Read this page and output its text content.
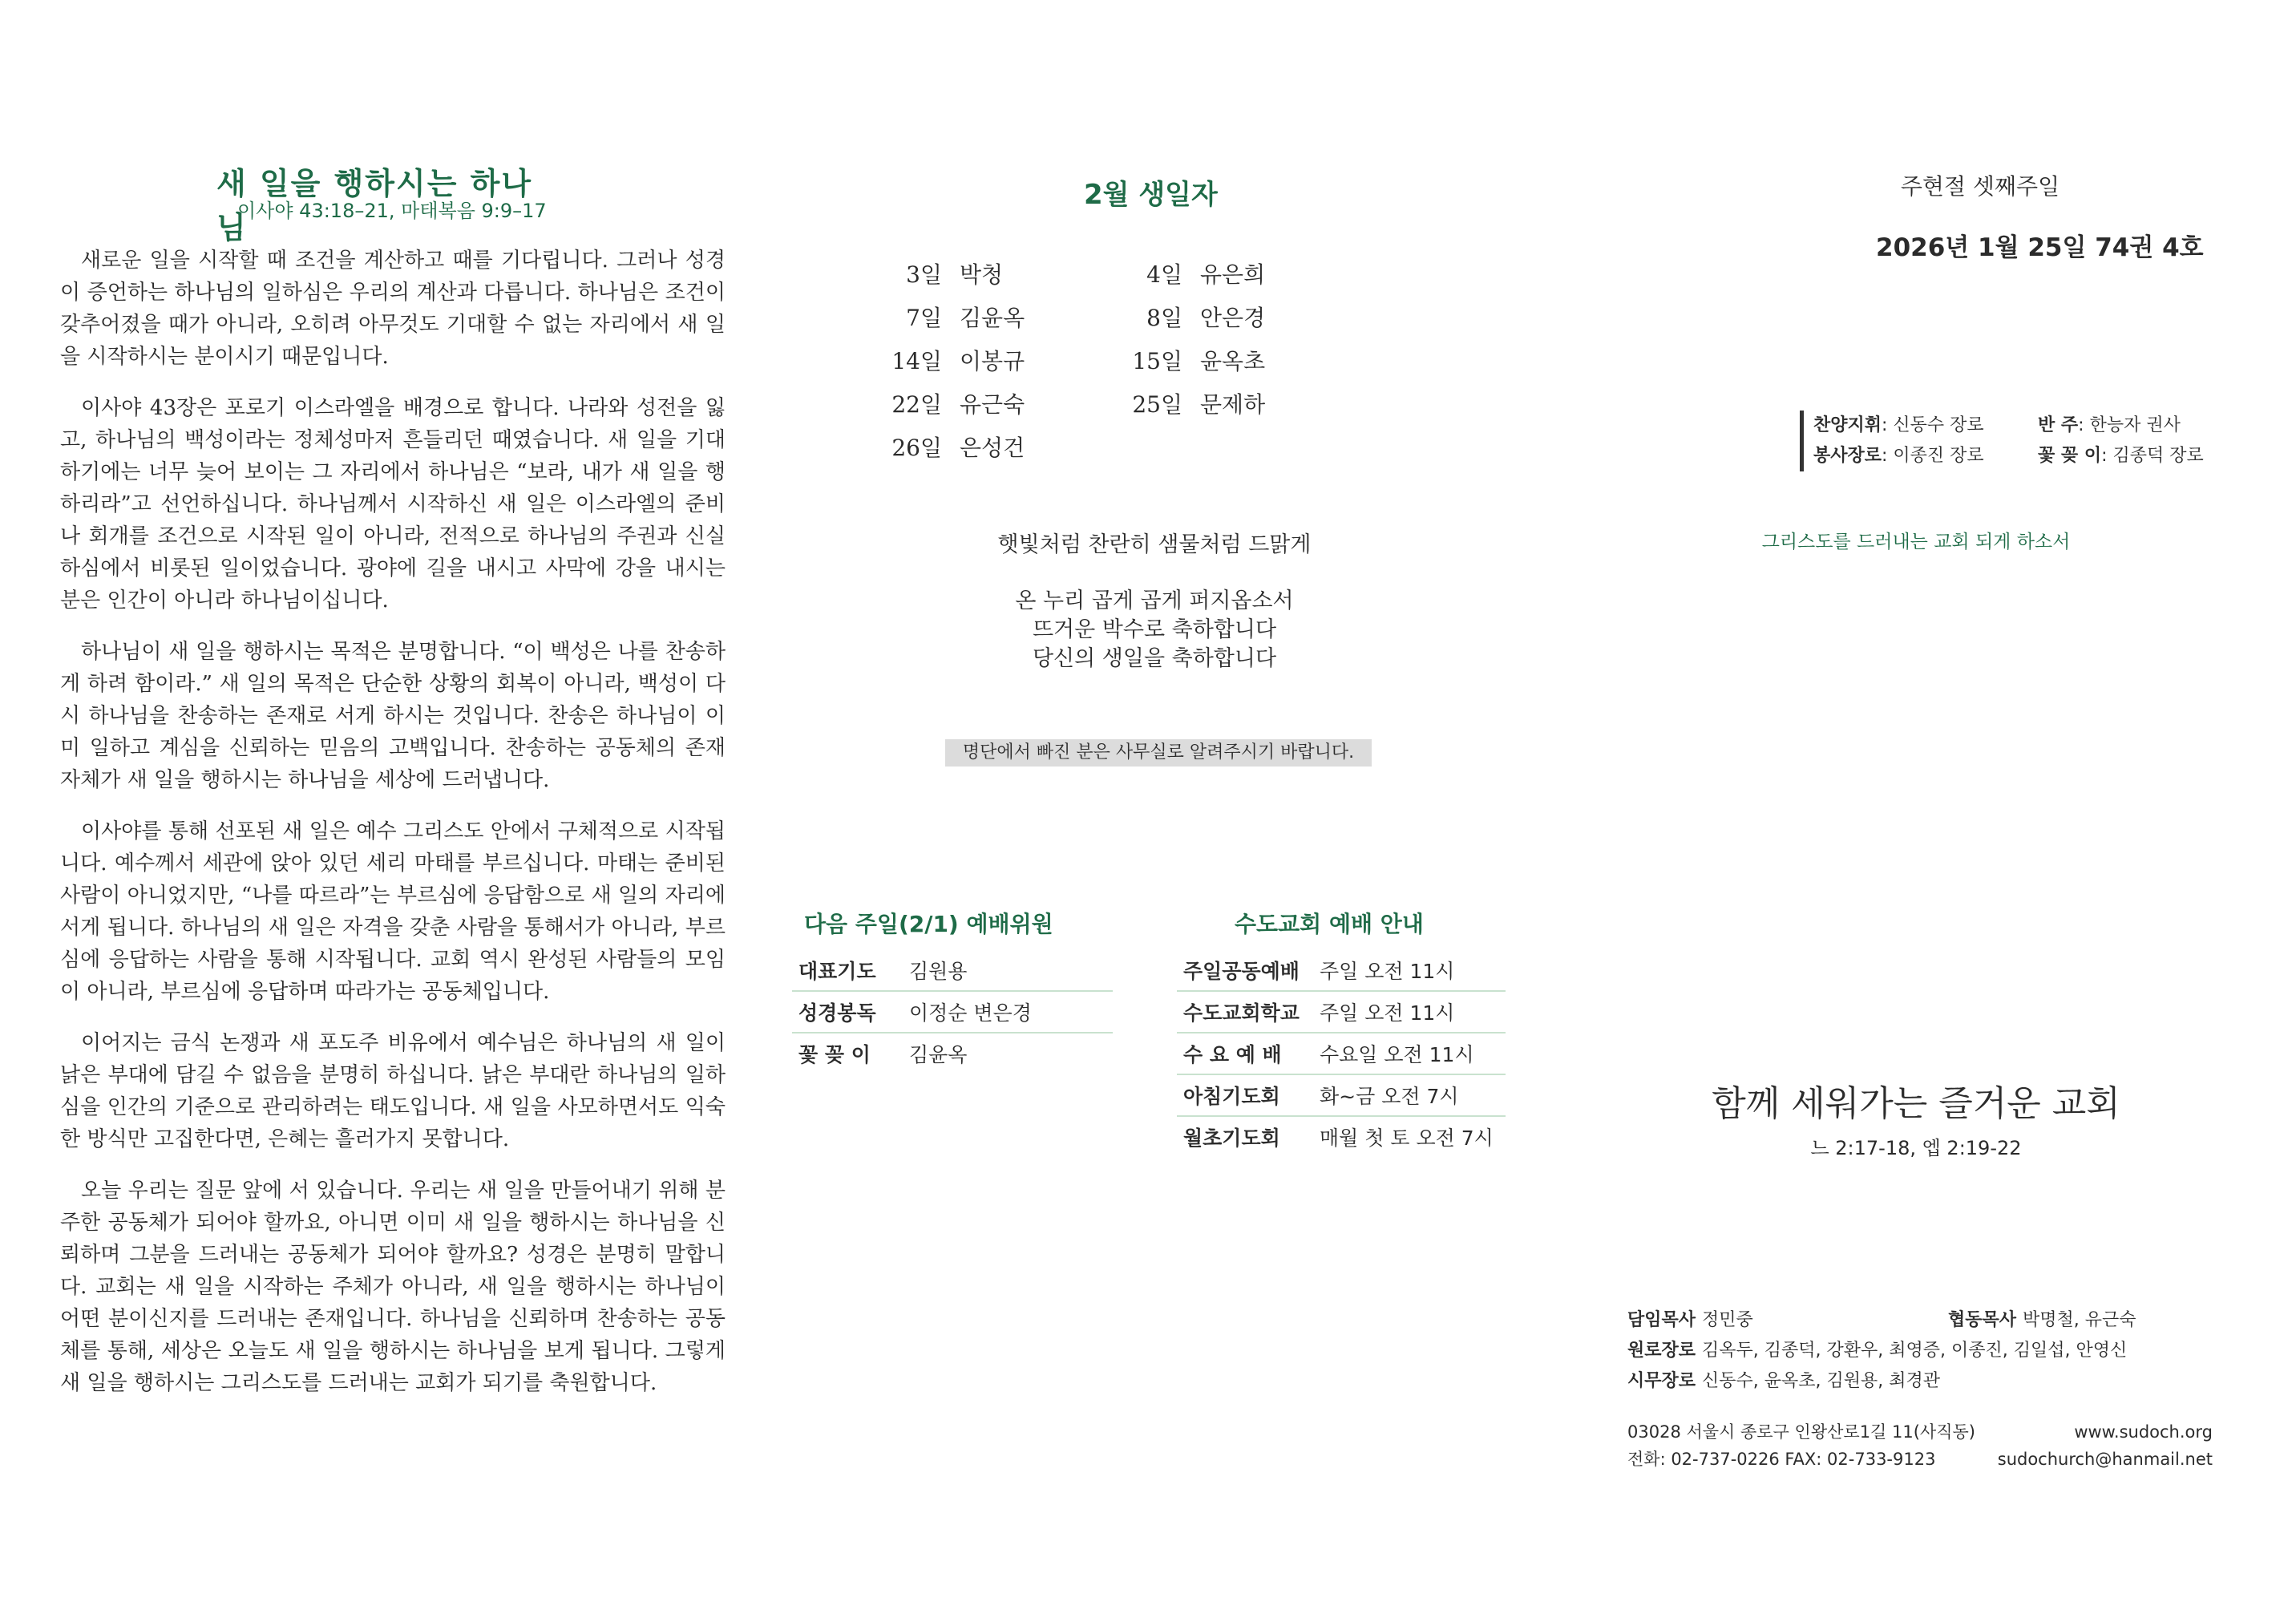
새 일을 행하시는 하나님
이사야 43:18–21, 마태복음 9:9–17

새로운 일을 시작할 때 조건을 계산하고 때를 기다립니다. 그러나 성경이 증언하는 하나님의 일하심은 우리의 계산과 다릅니다. 하나님은 조건이 갖추어졌을 때가 아니라, 오히려 아무것도 기대할 수 없는 자리에서 새 일을 시작하시는 분이시기 때문입니다.

이사야 43장은 포로기 이스라엘을 배경으로 합니다. 나라와 성전을 잃고, 하나님의 백성이라는 정체성마저 흔들리던 때였습니다. 새 일을 기대하기에는 너무 늦어 보이는 그 자리에서 하나님은 “보라, 내가 새 일을 행하리라”고 선언하십니다. 하나님께서 시작하신 새 일은 이스라엘의 준비나 회개를 조건으로 시작된 일이 아니라, 전적으로 하나님의 주권과 신실하심에서 비롯된 일이었습니다. 광야에 길을 내시고 사막에 강을 내시는 분은 인간이 아니라 하나님이십니다.

하나님이 새 일을 행하시는 목적은 분명합니다. “이 백성은 나를 찬송하게 하려 함이라.” 새 일의 목적은 단순한 상황의 회복이 아니라, 백성이 다시 하나님을 찬송하는 존재로 서게 하시는 것입니다. 찬송은 하나님이 이미 일하고 계심을 신뢰하는 믿음의 고백입니다. 찬송하는 공동체의 존재 자체가 새 일을 행하시는 하나님을 세상에 드러냅니다.

이사야를 통해 선포된 새 일은 예수 그리스도 안에서 구체적으로 시작됩니다. 예수께서 세관에 앉아 있던 세리 마태를 부르십니다. 마태는 준비된 사람이 아니었지만, “나를 따르라”는 부르심에 응답함으로 새 일의 자리에 서게 됩니다. 하나님의 새 일은 자격을 갖춘 사람을 통해서가 아니라, 부르심에 응답하는 사람을 통해 시작됩니다. 교회 역시 완성된 사람들의 모임이 아니라, 부르심에 응답하며 따라가는 공동체입니다.

이어지는 금식 논쟁과 새 포도주 비유에서 예수님은 하나님의 새 일이 낡은 부대에 담길 수 없음을 분명히 하십니다. 낡은 부대란 하나님의 일하심을 인간의 기준으로 관리하려는 태도입니다. 새 일을 사모하면서도 익숙한 방식만 고집한다면, 은혜는 흘러가지 못합니다.

오늘 우리는 질문 앞에 서 있습니다. 우리는 새 일을 만들어내기 위해 분주한 공동체가 되어야 할까요, 아니면 이미 새 일을 행하시는 하나님을 신뢰하며 그분을 드러내는 공동체가 되어야 할까요? 성경은 분명히 말합니다. 교회는 새 일을 시작하는 주체가 아니라, 새 일을 행하시는 하나님이 어떤 분이신지를 드러내는 존재입니다. 하나님을 신뢰하며 찬송하는 공동체를 통해, 세상은 오늘도 새 일을 행하시는 하나님을 보게 됩니다. 그렇게 새 일을 행하시는 그리스도를 드러내는 교회가 되기를 축원합니다.

2월 생일자
3일 박청	4일 유은희
7일 김윤옥	8일 안은경
14일 이봉규	15일 윤옥초
22일 유근숙	25일 문제하
26일 은성건
햇빛처럼 찬란히 샘물처럼 드맑게
온 누리 곱게 곱게 퍼지옵소서
뜨거운 박수로 축하합니다
당신의 생일을 축하합니다
명단에서 빠진 분은 사무실로 알려주시기 바랍니다.
다음 주일(2/1) 예배위원
대표기도	김원용
성경봉독	이정순 변은경
꽃 꽂 이	김윤옥
수도교회 예배 안내
주일공동예배	주일 오전 11시
수도교회학교	주일 오전 11시
수 요 예 배	수요일 오전 11시
아침기도회	화~금 오전 7시
월초기도회	매월 첫 토 오전 7시
주현절 셋째주일
2026년 1월 25일 74권 4호
찬양지휘: 신동수 장로	반 주: 한능자 권사
봉사장로: 이종진 장로	꽃 꽂 이: 김종덕 장로
그리스도를 드러내는 교회 되게 하소서
함께 세워가는 즐거운 교회
느 2:17-18, 엡 2:19-22
담임목사 정민중	협동목사 박명철, 유근숙
원로장로 김옥두, 김종덕, 강환우, 최영증, 이종진, 김일섭, 안영신
시무장로 신동수, 윤옥초, 김원용, 최경관
03028 서울시 종로구 인왕산로1길 11(사직동)	www.sudoch.org
전화: 02-737-0226 FAX: 02-733-9123	sudochurch@hanmail.net
